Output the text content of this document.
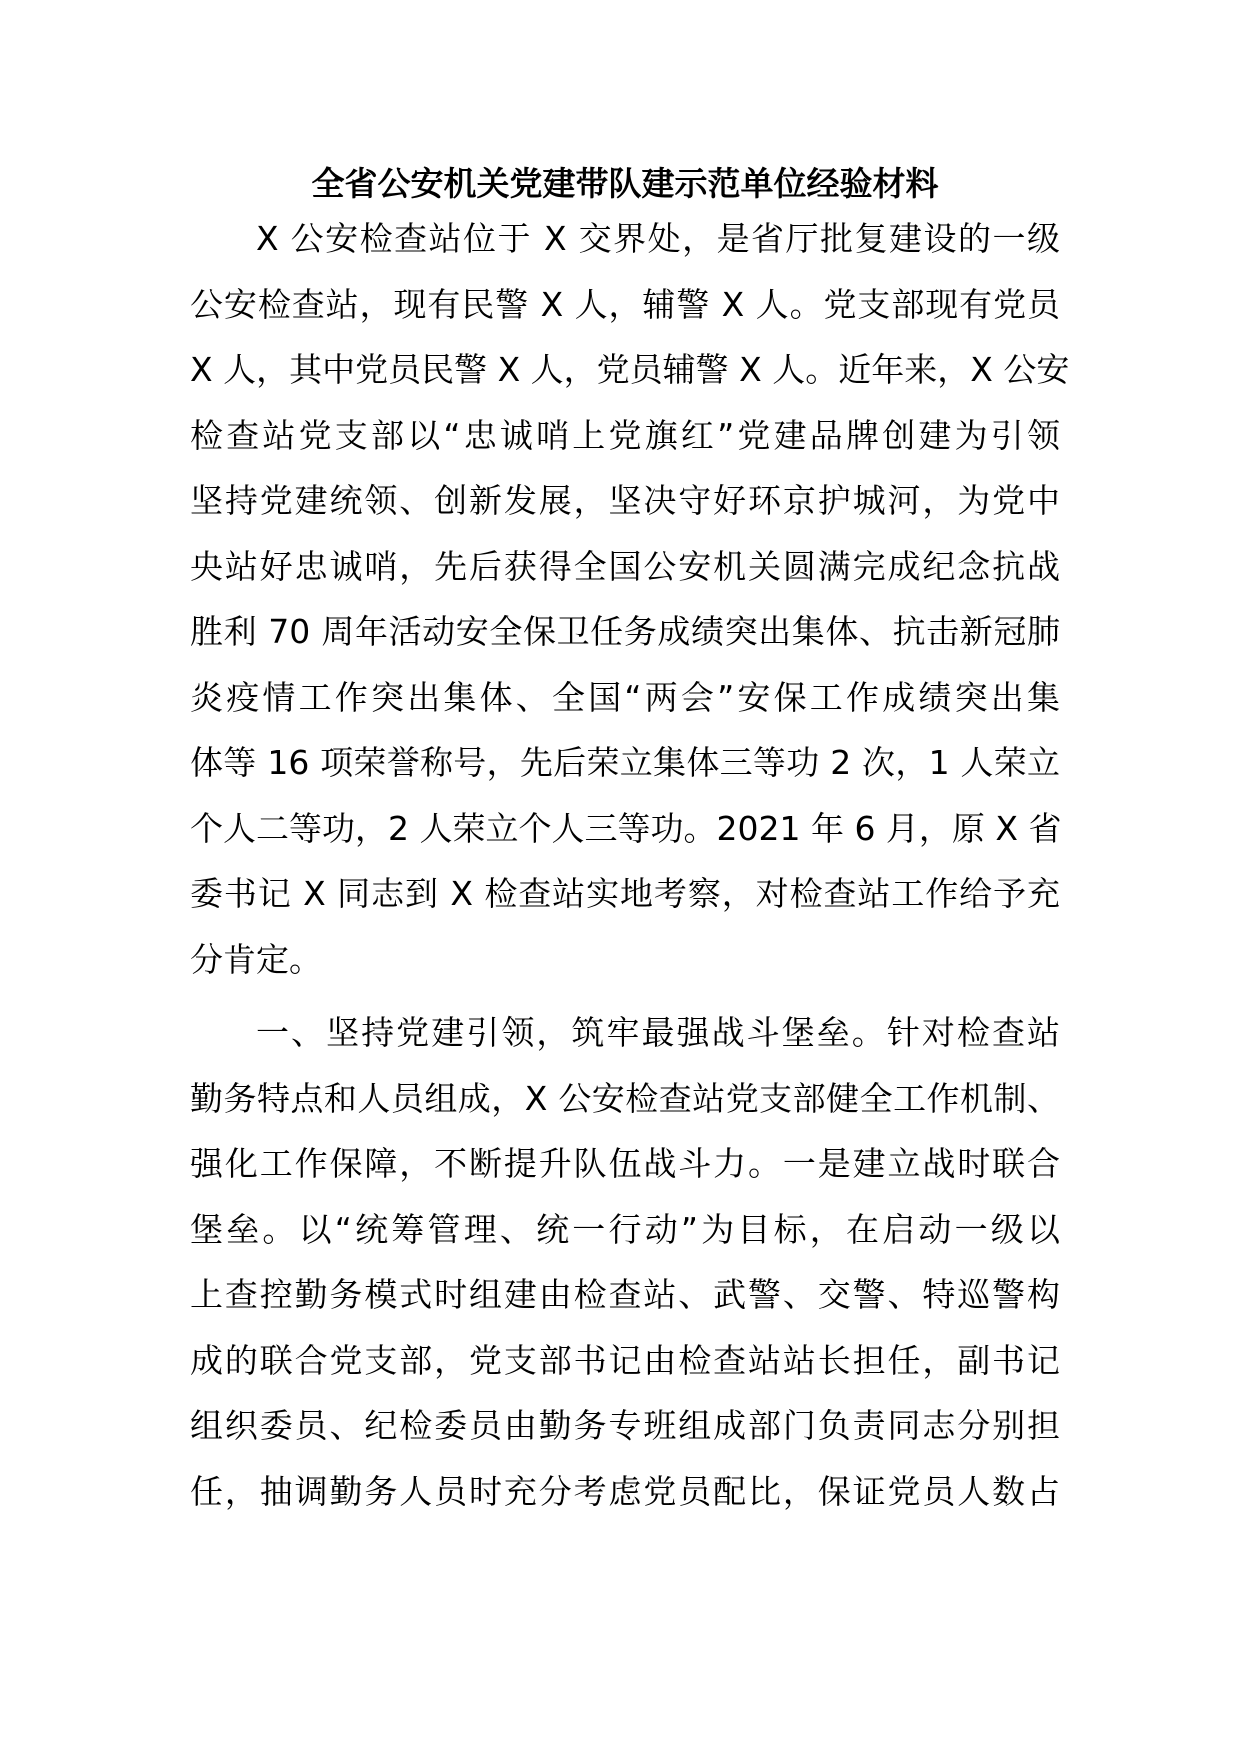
全省公安机关党建带队建示范单位经验材料

X 公安检查站位于 X 交界处，是省厅批复建设的一级
公安检查站，现有民警 X 人，辅警 X 人。党支部现有党员
X 人，其中党员民警 X 人，党员辅警 X 人。近年来，X 公安
检查站党支部以“忠诚哨上党旗红”党建品牌创建为引领
坚持党建统领、创新发展，坚决守好环京护城河，为党中
央站好忠诚哨，先后获得全国公安机关圆满完成纪念抗战
胜利 70 周年活动安全保卫任务成绩突出集体、抗击新冠肺
炎疫情工作突出集体、全国“两会”安保工作成绩突出集
体等 16 项荣誉称号，先后荣立集体三等功 2 次，1 人荣立
个人二等功，2 人荣立个人三等功。2021 年 6 月，原 X 省
委书记 X 同志到 X 检查站实地考察，对检查站工作给予充
分肯定。

一、坚持党建引领，筑牢最强战斗堡垒。针对检查站
勤务特点和人员组成，X 公安检查站党支部健全工作机制、
强化工作保障，不断提升队伍战斗力。一是建立战时联合
堡垒。以“统筹管理、统一行动”为目标，在启动一级以
上查控勤务模式时组建由检查站、武警、交警、特巡警构
成的联合党支部，党支部书记由检查站站长担任，副书记
组织委员、纪检委员由勤务专班组成部门负责同志分别担
任，抽调勤务人员时充分考虑党员配比，保证党员人数占
